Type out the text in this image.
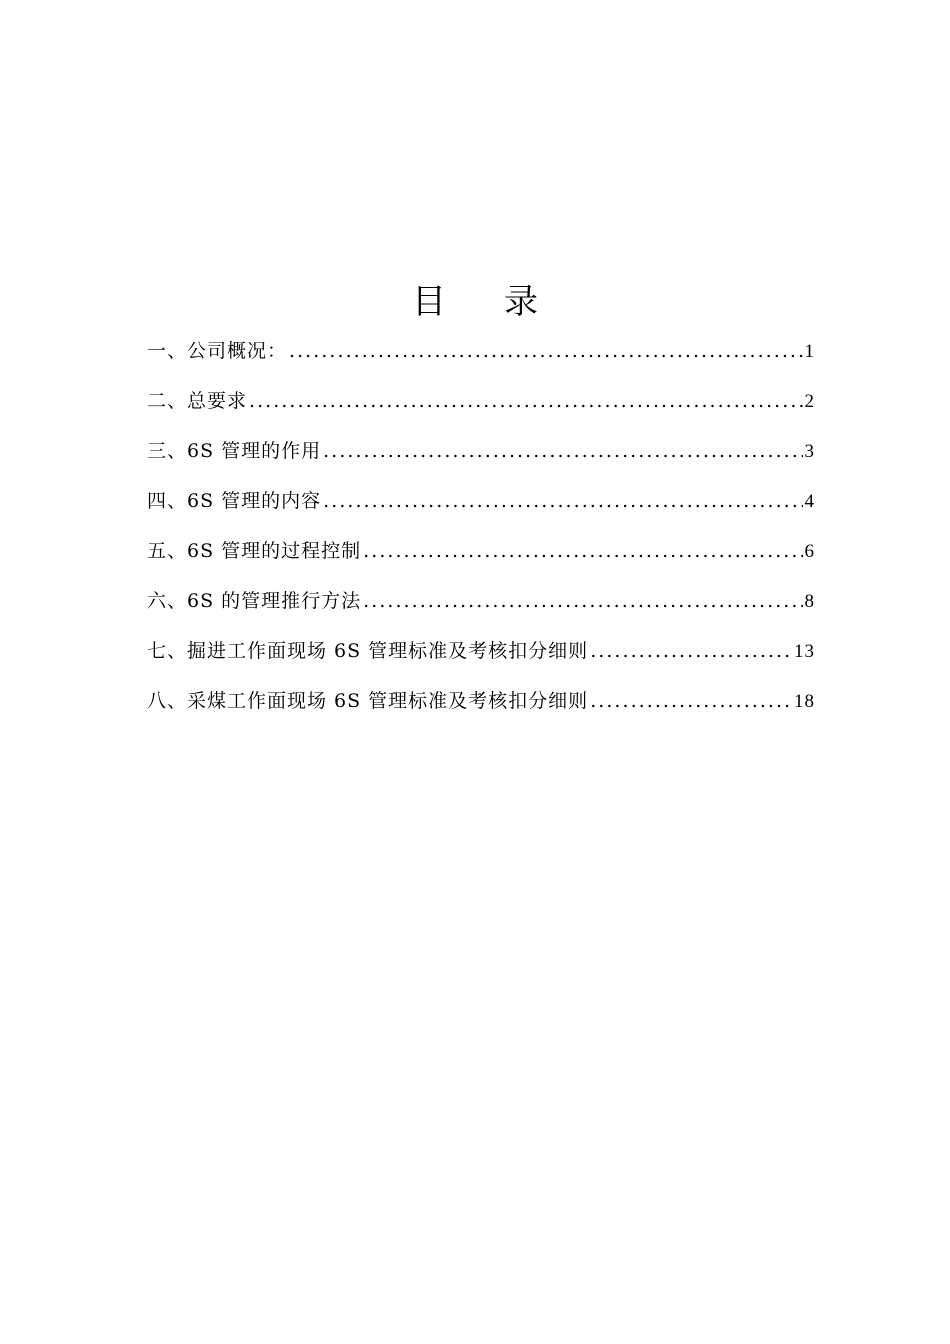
目 录
一、公司概况： . . .	1
二、总要求 . . .	2
三、6S 管理的作用 . . .	3
四、6S 管理的内容 . . .	4
五、6S 管理的过程控制 . . .	6
六、6S 的管理推行方法 . . .	8
七、掘进工作面现场 6S 管理标准及考核扣分细则 . . .	13
八、采煤工作面现场 6S 管理标准及考核扣分细则 . . .	18
